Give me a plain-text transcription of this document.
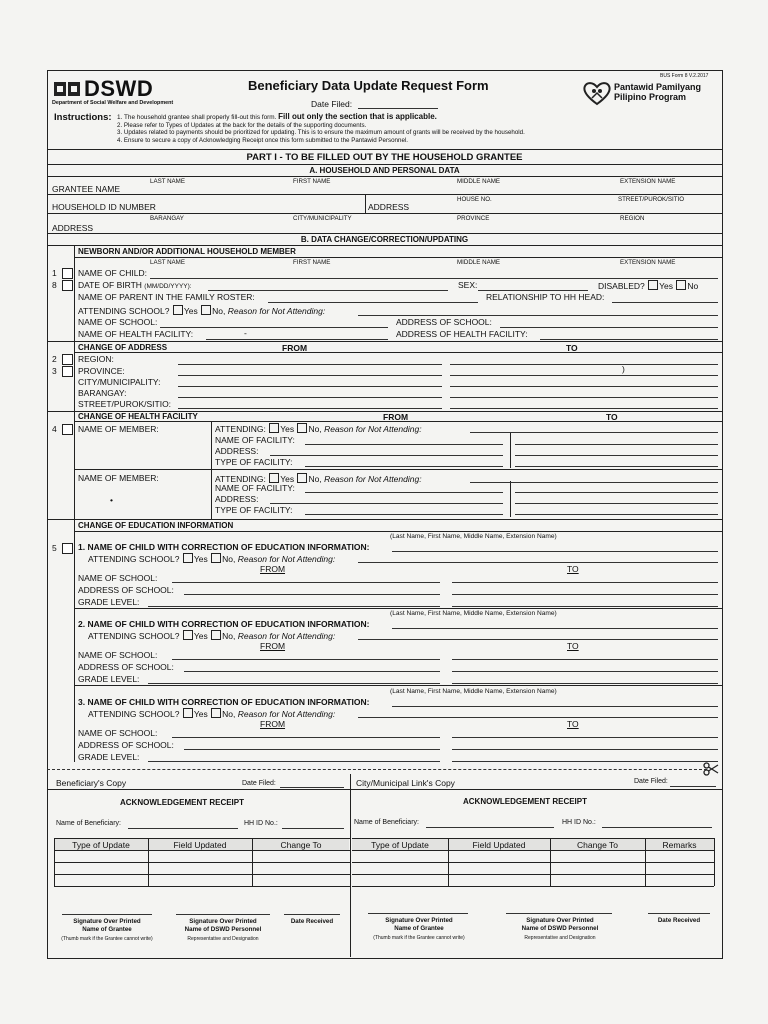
DSWD
Department of Social Welfare and Development
BUS Form 8 V.2.2017
Beneficiary Data Update Request Form
Date Filed:
Pantawid Pamilyang
Pilipino Program
Instructions: 1. The household grantee shall properly fill-out this form. Fill out only the section that is applicable.
2. Please refer to Types of Updates at the back for the details of the supporting documents.
3. Updates related to payments should be prioritized for updating. This is to ensure the maximum amount of grants will be received by the household.
4. Ensure to secure a copy of Acknowledging Receipt once this form submitted to the Pantawid Personnel.
PART I - TO BE FILLED OUT BY THE HOUSEHOLD GRANTEE
A. HOUSEHOLD AND PERSONAL DATA
LAST NAME	FIRST NAME	MIDDLE NAME	EXTENSION NAME
GRANTEE NAME
HOUSE NO.	STREET/PUROK/SITIO
HOUSEHOLD ID NUMBER	ADDRESS
BARANGAY	CITY/MUNICIPALITY	PROVINCE	REGION
ADDRESS
B. DATA CHANGE/CORRECTION/UPDATING
NEWBORN AND/OR ADDITIONAL HOUSEHOLD MEMBER
LAST NAME	FIRST NAME	MIDDLE NAME	EXTENSION NAME
1	NAME OF CHILD:
8	DATE OF BIRTH (MM/DD/YYYY):	SEX:	DISABLED? Yes No
NAME OF PARENT IN THE FAMILY ROSTER:	RELATIONSHIP TO HH HEAD:
ATTENDING SCHOOL? Yes No, Reason for Not Attending:
NAME OF SCHOOL:	ADDRESS OF SCHOOL:
NAME OF HEALTH FACILITY:	-	ADDRESS OF HEALTH FACILITY:
CHANGE OF ADDRESS	FROM	TO
2	REGION:
3	PROVINCE:	)
CITY/MUNICIPALITY:
BARANGAY:
STREET/PUROK/SITIO:
CHANGE OF HEALTH FACILITY	FROM	TO
4	NAME OF MEMBER:	ATTENDING: Yes No, Reason for Not Attending:
NAME OF FACILITY:
ADDRESS:
TYPE OF FACILITY:
NAME OF MEMBER:
•
ATTENDING: Yes No, Reason for Not Attending:
NAME OF FACILITY:
ADDRESS:
TYPE OF FACILITY:
CHANGE OF EDUCATION INFORMATION
5
(Last Name, First Name, Middle Name, Extension Name)
1. NAME OF CHILD WITH CORRECTION OF EDUCATION INFORMATION:
ATTENDING SCHOOL? Yes No, Reason for Not Attending:
FROM	TO
NAME OF SCHOOL:
ADDRESS OF SCHOOL:
GRADE LEVEL:
(Last Name, First Name, Middle Name, Extension Name)
2. NAME OF CHILD WITH CORRECTION OF EDUCATION INFORMATION:
ATTENDING SCHOOL? Yes No, Reason for Not Attending:
FROM	TO
NAME OF SCHOOL:
ADDRESS OF SCHOOL:
GRADE LEVEL:
(Last Name, First Name, Middle Name, Extension Name)
3. NAME OF CHILD WITH CORRECTION OF EDUCATION INFORMATION:
ATTENDING SCHOOL? Yes No, Reason for Not Attending:
FROM	TO
NAME OF SCHOOL:
ADDRESS OF SCHOOL:
GRADE LEVEL:
Beneficiary's Copy	Date Filed:
ACKNOWLEDGEMENT RECEIPT
Name of Beneficiary:	HH ID No.:
Type of Update	Field Updated	Change To
Signature Over Printed
Name of Grantee
(Thumb mark if the Grantee cannot write)
Signature Over Printed
Name of DSWD Personnel
Representative and Designation
Date Received
City/Municipal Link's Copy	Date Filed:
ACKNOWLEDGEMENT RECEIPT
Name of Beneficiary:	HH ID No.:
Type of Update	Field Updated	Change To	Remarks
Signature Over Printed
Name of Grantee
(Thumb mark if the Grantee cannot write)
Signature Over Printed
Name of DSWD Personnel
Representative and Designation
Date Received
